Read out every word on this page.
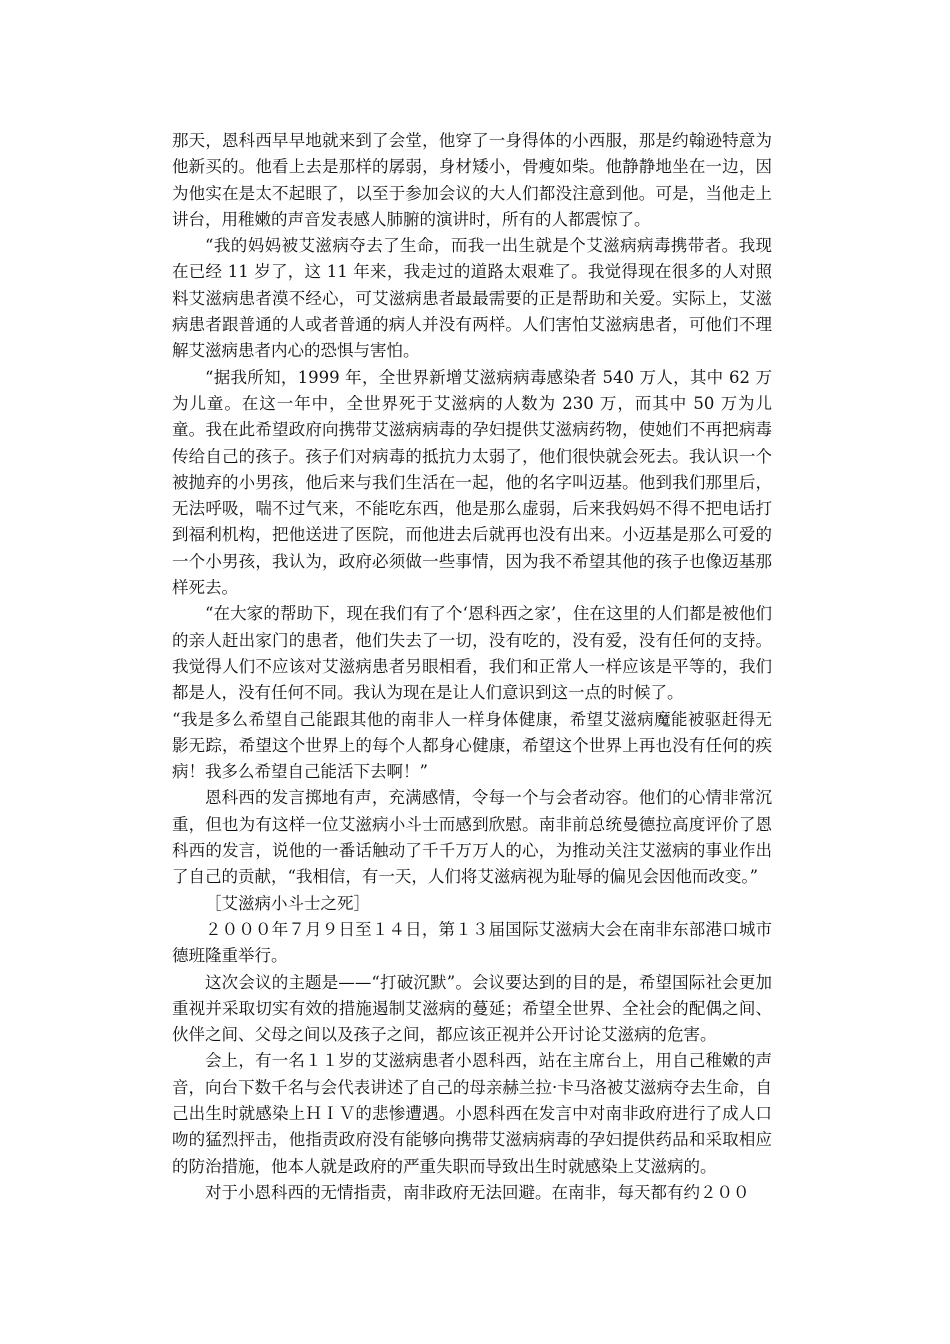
那天，恩科西早早地就来到了会堂，他穿了一身得体的小西服，那是约翰逊特意为他新买的。他看上去是那样的孱弱，身材矮小，骨瘦如柴。他静静地坐在一边，因为他实在是太不起眼了，以至于参加会议的大人们都没注意到他。可是，当他走上讲台，用稚嫩的声音发表感人肺腑的演讲时，所有的人都震惊了。

“我的妈妈被艾滋病夺去了生命，而我一出生就是个艾滋病病毒携带者。我现在已经 11 岁了，这 11 年来，我走过的道路太艰难了。我觉得现在很多的人对照料艾滋病患者漠不经心，可艾滋病患者最最需要的正是帮助和关爱。实际上，艾滋病患者跟普通的人或者普通的病人并没有两样。人们害怕艾滋病患者，可他们不理解艾滋病患者内心的恐惧与害怕。

“据我所知，1999 年，全世界新增艾滋病病毒感染者 540 万人，其中 62 万为儿童。在这一年中，全世界死于艾滋病的人数为 230 万，而其中 50 万为儿童。我在此希望政府向携带艾滋病病毒的孕妇提供艾滋病药物，使她们不再把病毒传给自己的孩子。孩子们对病毒的抵抗力太弱了，他们很快就会死去。我认识一个被抛弃的小男孩，他后来与我们生活在一起，他的名字叫迈基。他到我们那里后，无法呼吸，喘不过气来，不能吃东西，他是那么虚弱，后来我妈妈不得不把电话打到福利机构，把他送进了医院，而他进去后就再也没有出来。小迈基是那么可爱的一个小男孩，我认为，政府必须做一些事情，因为我不希望其他的孩子也像迈基那样死去。

“在大家的帮助下，现在我们有了个‘恩科西之家’，住在这里的人们都是被他们的亲人赶出家门的患者，他们失去了一切，没有吃的，没有爱，没有任何的支持。我觉得人们不应该对艾滋病患者另眼相看，我们和正常人一样应该是平等的，我们都是人，没有任何不同。我认为现在是让人们意识到这一点的时候了。

“我是多么希望自己能跟其他的南非人一样身体健康，希望艾滋病魔能被驱赶得无影无踪，希望这个世界上的每个人都身心健康，希望这个世界上再也没有任何的疾病！我多么希望自己能活下去啊！”

恩科西的发言掷地有声，充满感情，令每一个与会者动容。他们的心情非常沉重，但也为有这样一位艾滋病小斗士而感到欣慰。南非前总统曼德拉高度评价了恩科西的发言，说他的一番话触动了千千万万人的心，为推动关注艾滋病的事业作出了自己的贡献，“我相信，有一天，人们将艾滋病视为耻辱的偏见会因他而改变。”

［艾滋病小斗士之死］

２０００年７月９日至１４日，第１３届国际艾滋病大会在南非东部港口城市德班隆重举行。

这次会议的主题是——“打破沉默”。会议要达到的目的是，希望国际社会更加重视并采取切实有效的措施遏制艾滋病的蔓延；希望全世界、全社会的配偶之间、伙伴之间、父母之间以及孩子之间，都应该正视并公开讨论艾滋病的危害。

会上，有一名１１岁的艾滋病患者小恩科西，站在主席台上，用自己稚嫩的声音，向台下数千名与会代表讲述了自己的母亲赫兰拉·卡马洛被艾滋病夺去生命，自己出生时就感染上ＨＩＶ的悲惨遭遇。小恩科西在发言中对南非政府进行了成人口吻的猛烈抨击，他指责政府没有能够向携带艾滋病病毒的孕妇提供药品和采取相应的防治措施，他本人就是政府的严重失职而导致出生时就感染上艾滋病的。

对于小恩科西的无情指责，南非政府无法回避。在南非，每天都有约２００
